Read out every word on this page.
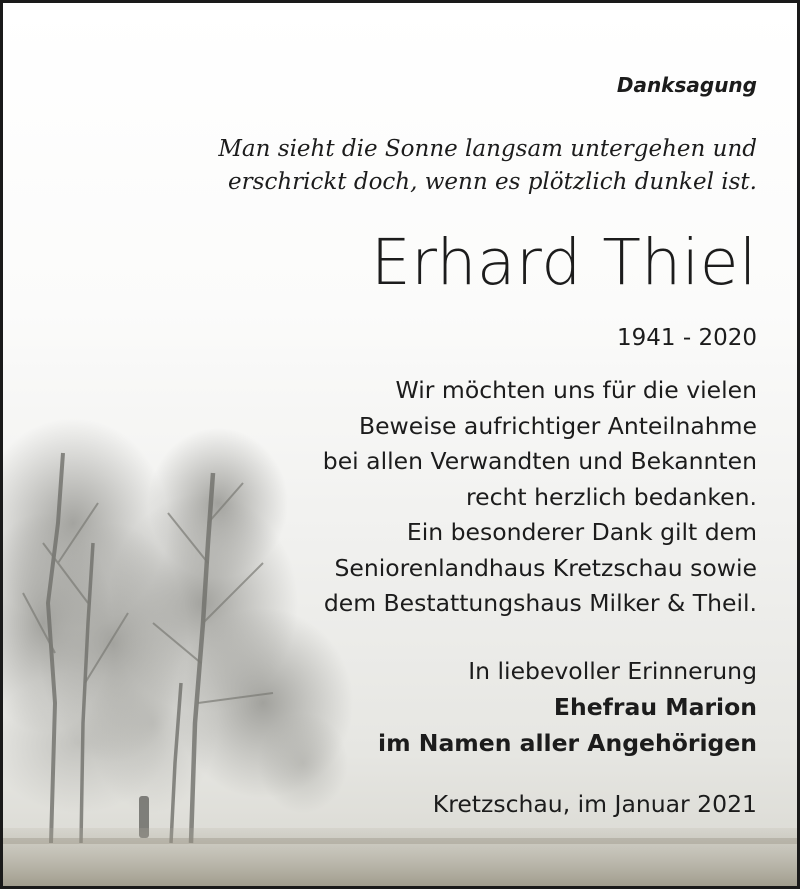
Danksagung
Man sieht die Sonne langsam untergehen und
erschrickt doch, wenn es plötzlich dunkel ist.
Erhard Thiel
1941 - 2020
Wir möchten uns für die vielen
Beweise aufrichtiger Anteilnahme
bei allen Verwandten und Bekannten
recht herzlich bedanken.
Ein besonderer Dank gilt dem
Seniorenlandhaus Kretzschau sowie
dem Bestattungshaus Milker & Theil.
In liebevoller Erinnerung
Ehefrau Marion
im Namen aller Angehörigen
Kretzschau, im Januar 2021
